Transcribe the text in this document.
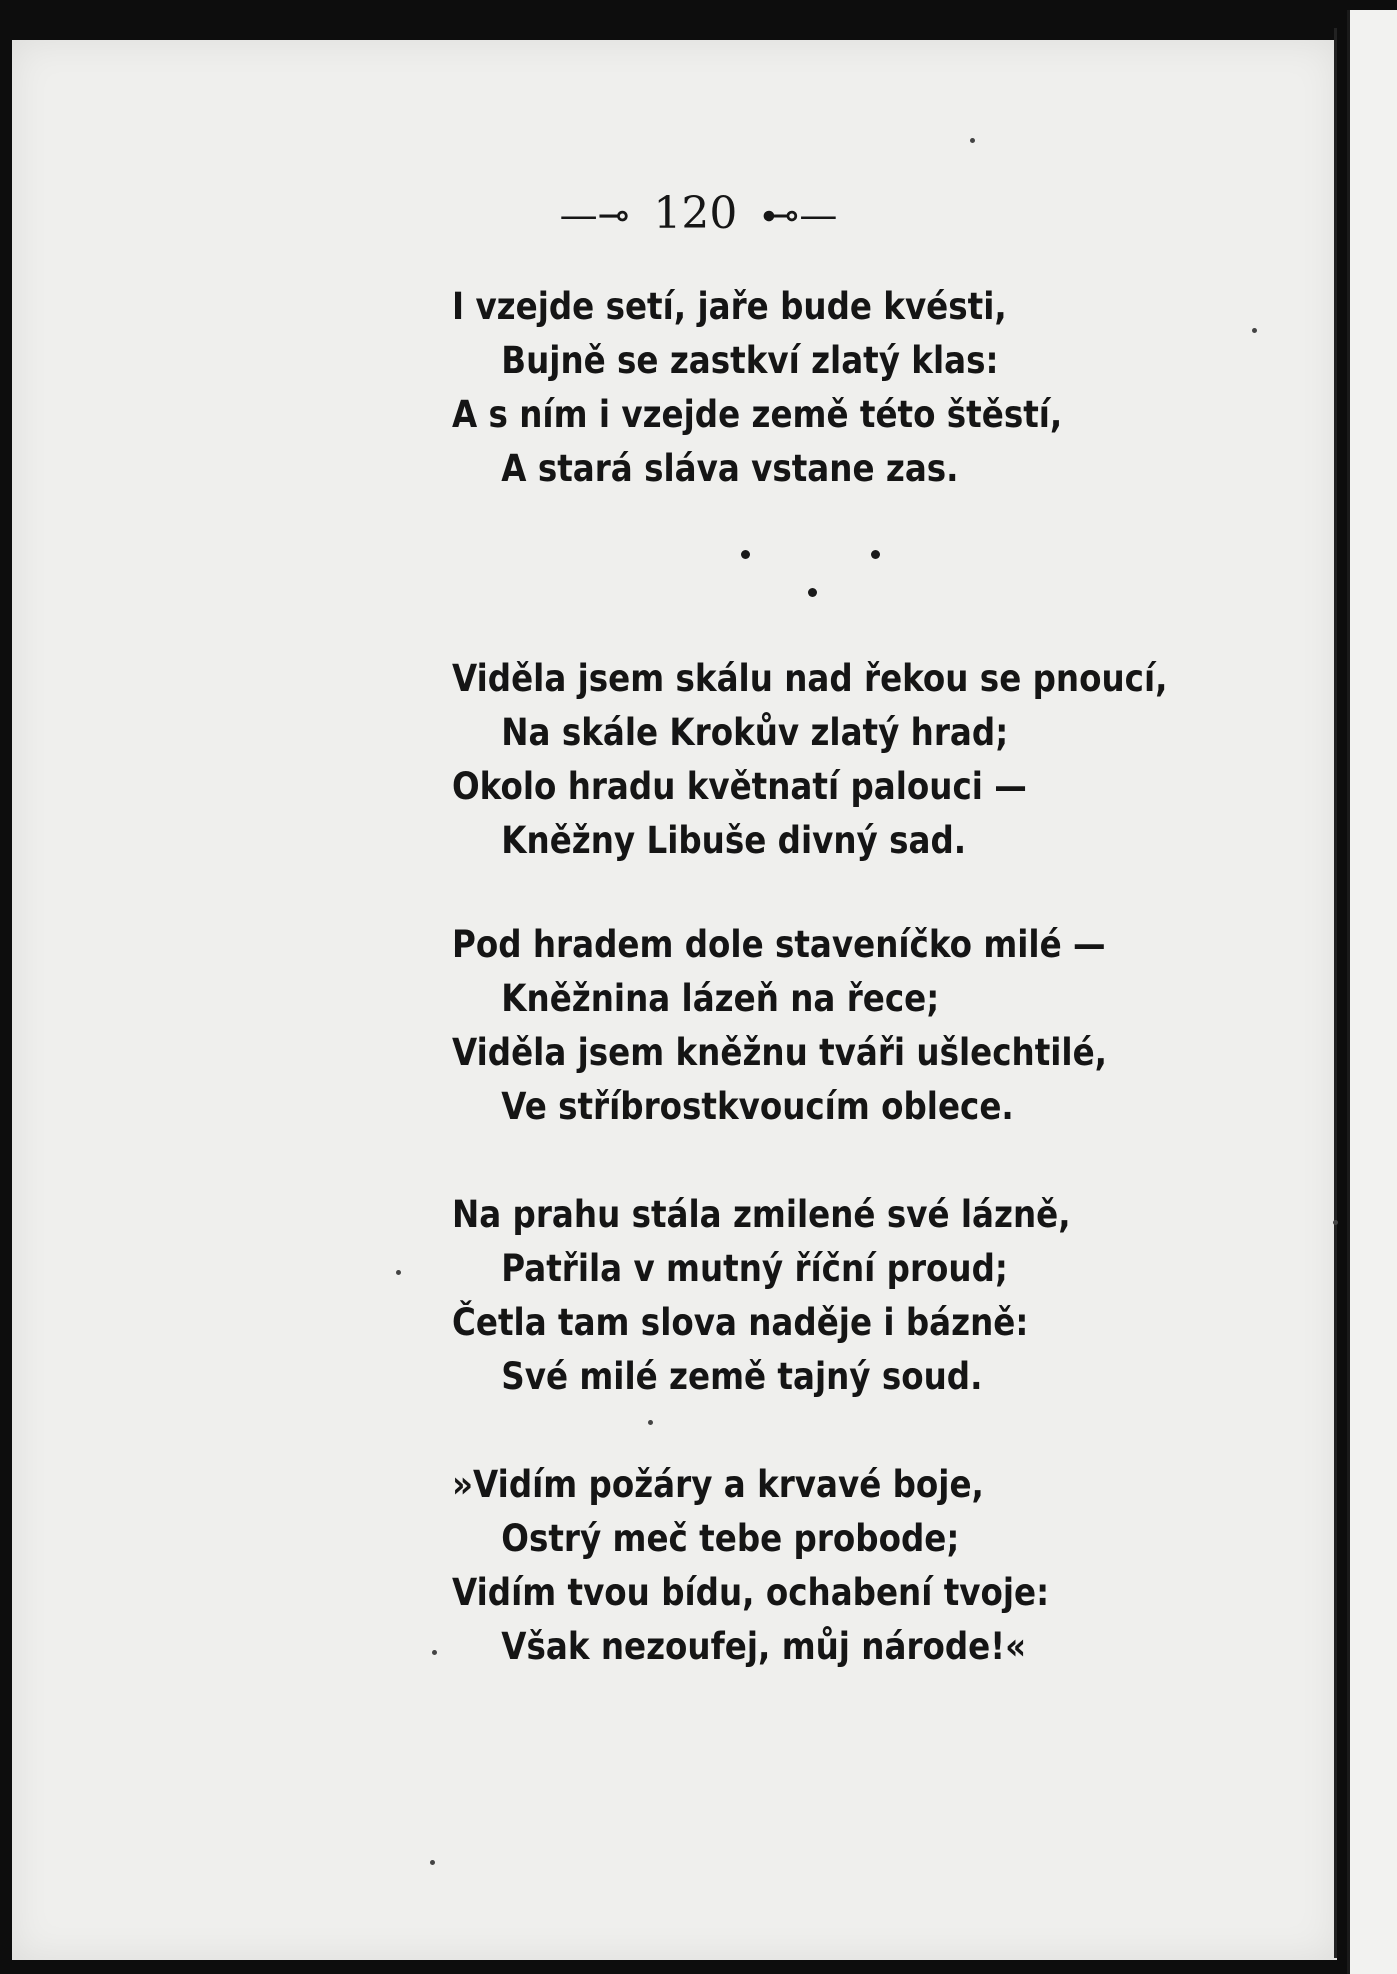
—⊸ 120 ⊷—
I vzejde setí, jaře bude kvésti,
Bujně se zastkví zlatý klas:
A s ním i vzejde země této štěstí,
A stará sláva vstane zas.
Viděla jsem skálu nad řekou se pnoucí,
Na skále Krokův zlatý hrad;
Okolo hradu květnatí palouci —
Kněžny Libuše divný sad.
Pod hradem dole staveníčko milé —
Kněžnina lázeň na řece;
Viděla jsem kněžnu tváři ušlechtilé,
Ve stříbrostkvoucím oblece.
Na prahu stála zmilené své lázně,
Patřila v mutný říční proud;
Četla tam slova naděje i bázně:
Své milé země tajný soud.
»Vidím požáry a krvavé boje,
Ostrý meč tebe probode;
Vidím tvou bídu, ochabení tvoje:
Však nezoufej, můj národe!«
